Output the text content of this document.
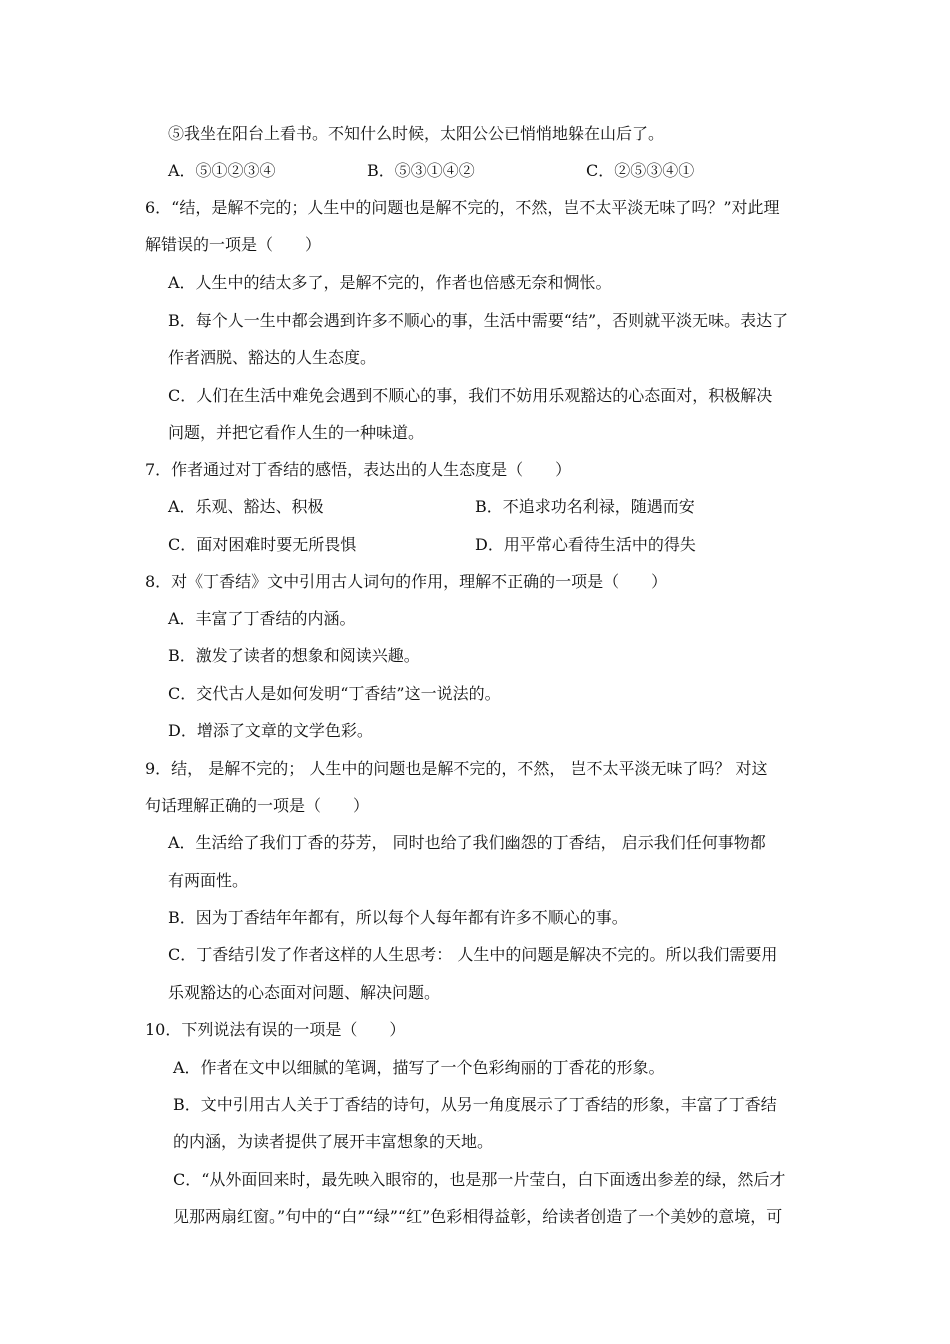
⑤我坐在阳台上看书。不知什么时候，太阳公公已悄悄地躲在山后了。
A．⑤①②③④	B．⑤③①④②	C．②⑤③④①
6．“结，是解不完的；人生中的问题也是解不完的，不然，岂不太平淡无味了吗？”对此理
解错误的一项是（　　）
A．人生中的结太多了，是解不完的，作者也倍感无奈和惆怅。
B．每个人一生中都会遇到许多不顺心的事，生活中需要“结”，否则就平淡无味。表达了
作者洒脱、豁达的人生态度。
C．人们在生活中难免会遇到不顺心的事，我们不妨用乐观豁达的心态面对，积极解决
问题，并把它看作人生的一种味道。
7．作者通过对丁香结的感悟，表达出的人生态度是（　　）
A．乐观、豁达、积极	B．不追求功名利禄，随遇而安
C．面对困难时要无所畏惧	D．用平常心看待生活中的得失
8．对《丁香结》文中引用古人词句的作用，理解不正确的一项是（　　）
A．丰富了丁香结的内涵。
B．激发了读者的想象和阅读兴趣。
C．交代古人是如何发明“丁香结”这一说法的。
D．增添了文章的文学色彩。
9．结， 是解不完的； 人生中的问题也是解不完的，不然， 岂不太平淡无味了吗？ 对这
句话理解正确的一项是（　　）
A．生活给了我们丁香的芬芳， 同时也给了我们幽怨的丁香结， 启示我们任何事物都
有两面性。
B．因为丁香结年年都有，所以每个人每年都有许多不顺心的事。
C．丁香结引发了作者这样的人生思考： 人生中的问题是解决不完的。所以我们需要用
乐观豁达的心态面对问题、解决问题。
10．下列说法有误的一项是（　　）
A．作者在文中以细腻的笔调，描写了一个色彩绚丽的丁香花的形象。
B．文中引用古人关于丁香结的诗句，从另一角度展示了丁香结的形象，丰富了丁香结
的内涵，为读者提供了展开丰富想象的天地。
C．“从外面回来时，最先映入眼帘的，也是那一片莹白，白下面透出参差的绿，然后才
见那两扇红窗。”句中的“白”“绿”“红”色彩相得益彰，给读者创造了一个美妙的意境，可
